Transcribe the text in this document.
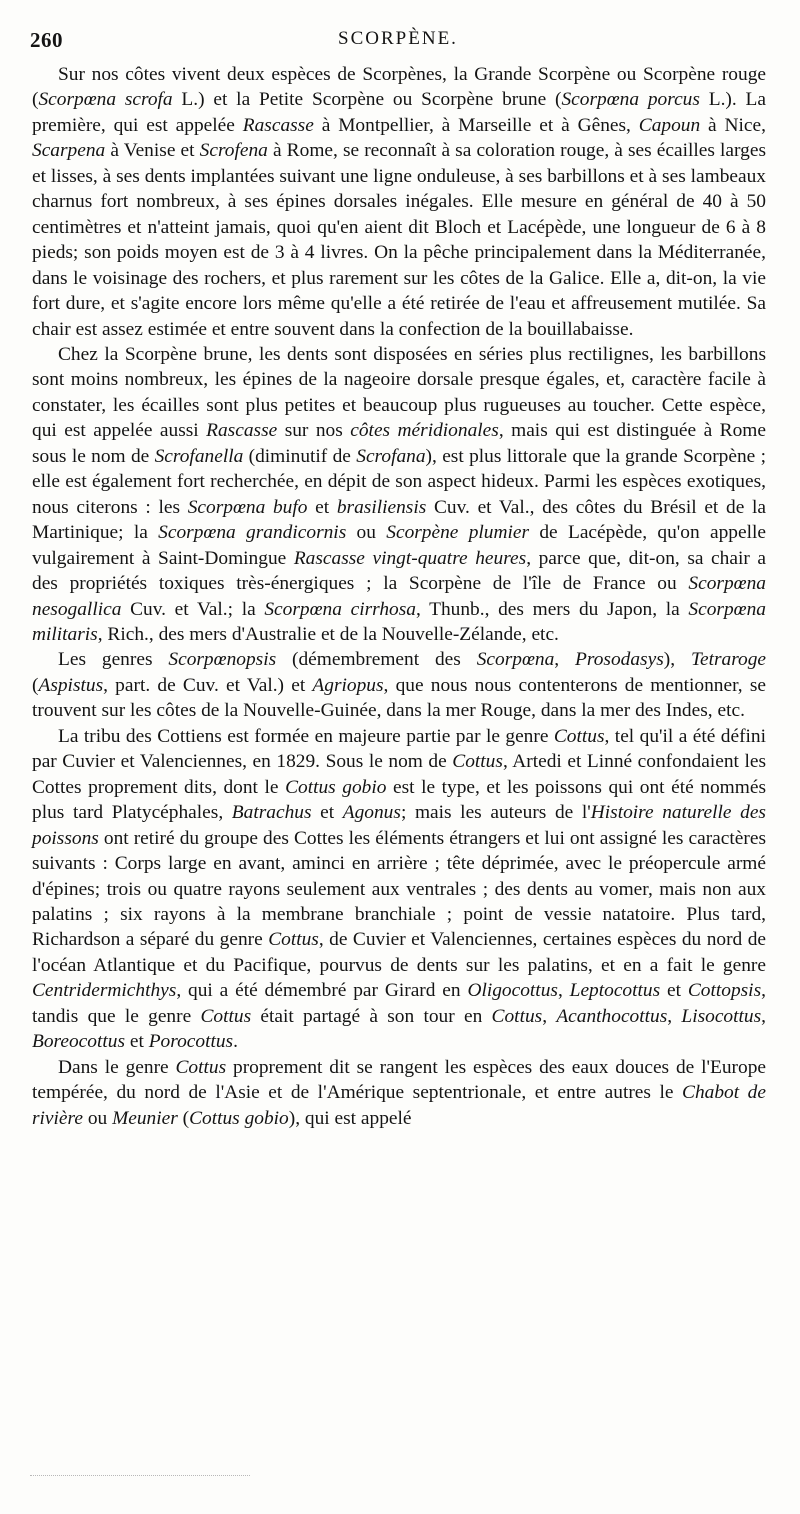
260	SCORPÈNE.

Sur nos côtes vivent deux espèces de Scorpènes, la Grande Scorpène ou Scorpène rouge (Scorpœna scrofa L.) et la Petite Scorpène ou Scorpène brune (Scorpœna porcus L.). La première, qui est appelée Rascasse à Montpellier, à Marseille et à Gênes, Capoun à Nice, Scarpena à Venise et Scrofena à Rome, se reconnaît à sa coloration rouge, à ses écailles larges et lisses, à ses dents implantées suivant une ligne onduleuse, à ses barbillons et à ses lambeaux charnus fort nombreux, à ses épines dorsales inégales. Elle mesure en général de 40 à 50 centimètres et n'atteint jamais, quoi qu'en aient dit Bloch et Lacépède, une longueur de 6 à 8 pieds; son poids moyen est de 3 à 4 livres. On la pêche principalement dans la Méditerranée, dans le voisinage des rochers, et plus rarement sur les côtes de la Galice. Elle a, dit-on, la vie fort dure, et s'agite encore lors même qu'elle a été retirée de l'eau et affreusement mutilée. Sa chair est assez estimée et entre souvent dans la confection de la bouillabaisse.

Chez la Scorpène brune, les dents sont disposées en séries plus rectilignes, les barbillons sont moins nombreux, les épines de la nageoire dorsale presque égales, et, caractère facile à constater, les écailles sont plus petites et beaucoup plus rugueuses au toucher. Cette espèce, qui est appelée aussi Rascasse sur nos côtes méridionales, mais qui est distinguée à Rome sous le nom de Scrofanella (diminutif de Scrofana), est plus littorale que la grande Scorpène ; elle est également fort recherchée, en dépit de son aspect hideux. Parmi les espèces exotiques, nous citerons : les Scorpœna bufo et brasiliensis Cuv. et Val., des côtes du Brésil et de la Martinique; la Scorpœna grandicornis ou Scorpène plumier de Lacépède, qu'on appelle vulgairement à Saint-Domingue Rascasse vingt-quatre heures, parce que, dit-on, sa chair a des propriétés toxiques très-énergiques ; la Scorpène de l'île de France ou Scorpœna nesogallica Cuv. et Val.; la Scorpœna cirrhosa, Thunb., des mers du Japon, la Scorpœna militaris, Rich., des mers d'Australie et de la Nouvelle-Zélande, etc.

Les genres Scorpœnopsis (démembrement des Scorpœna, Prosodasys), Tetraroge (Aspistus, part. de Cuv. et Val.) et Agriopus, que nous nous contenterons de mentionner, se trouvent sur les côtes de la Nouvelle-Guinée, dans la mer Rouge, dans la mer des Indes, etc.

La tribu des Cottiens est formée en majeure partie par le genre Cottus, tel qu'il a été défini par Cuvier et Valenciennes, en 1829. Sous le nom de Cottus, Artedi et Linné confondaient les Cottes proprement dits, dont le Cottus gobio est le type, et les poissons qui ont été nommés plus tard Platycéphales, Batrachus et Agonus; mais les auteurs de l'Histoire naturelle des poissons ont retiré du groupe des Cottes les éléments étrangers et lui ont assigné les caractères suivants : Corps large en avant, aminci en arrière ; tête déprimée, avec le préopercule armé d'épines; trois ou quatre rayons seulement aux ventrales ; des dents au vomer, mais non aux palatins ; six rayons à la membrane branchiale ; point de vessie natatoire. Plus tard, Richardson a séparé du genre Cottus, de Cuvier et Valenciennes, certaines espèces du nord de l'océan Atlantique et du Pacifique, pourvus de dents sur les palatins, et en a fait le genre Centridermichthys, qui a été démembré par Girard en Oligocottus, Leptocottus et Cottopsis, tandis que le genre Cottus était partagé à son tour en Cottus, Acanthocottus, Lisocottus, Boreocottus et Porocottus.

Dans le genre Cottus proprement dit se rangent les espèces des eaux douces de l'Europe tempérée, du nord de l'Asie et de l'Amérique septentrionale, et entre autres le Chabot de rivière ou Meunier (Cottus gobio), qui est appelé
